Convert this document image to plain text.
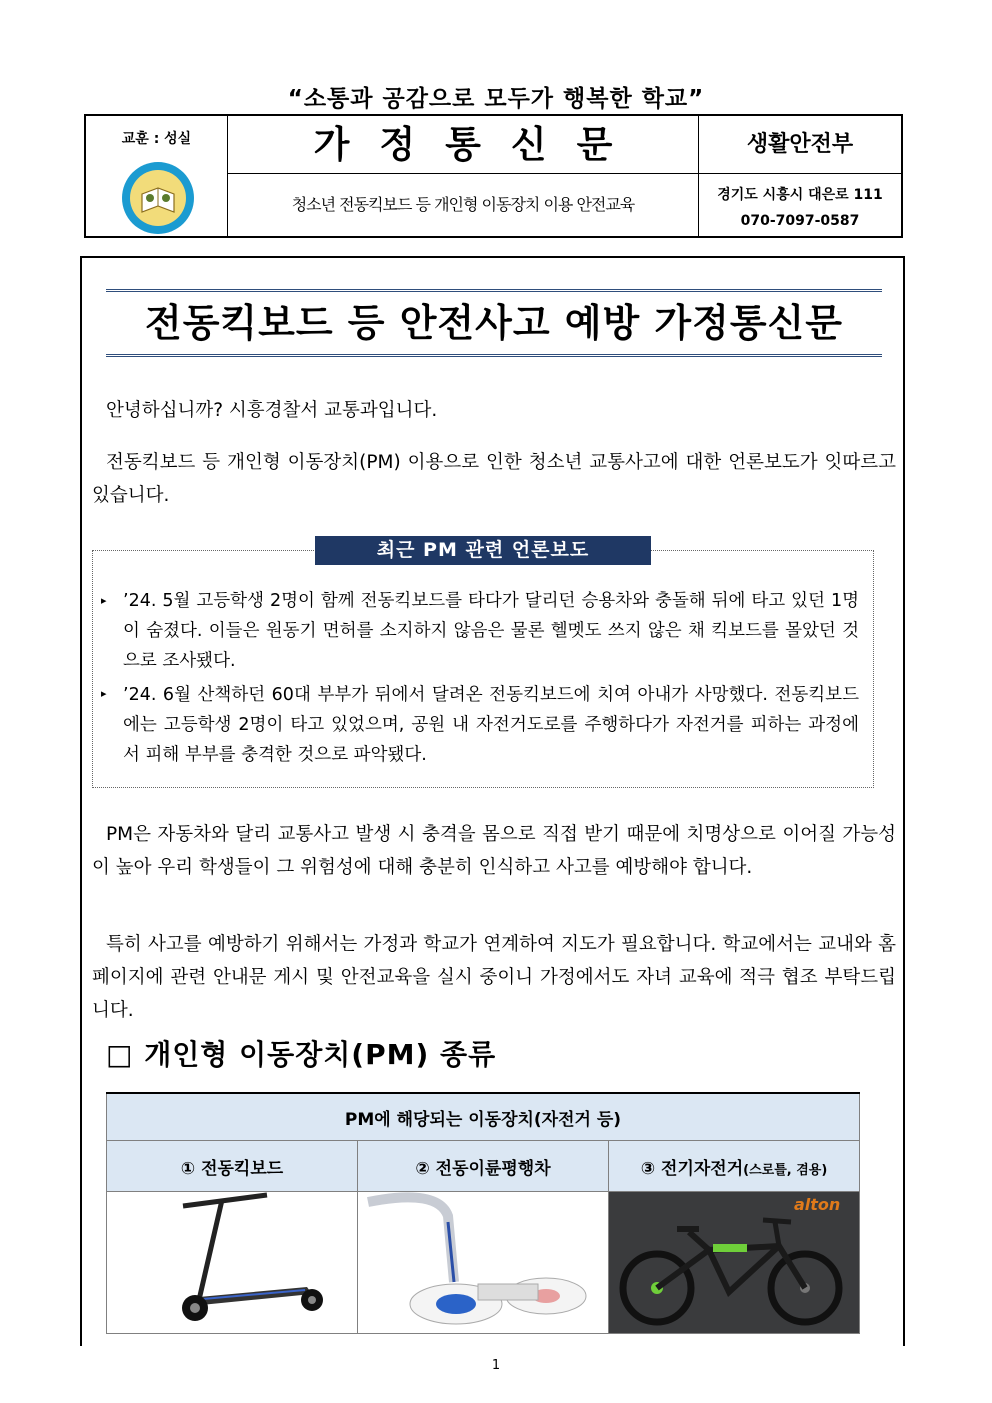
“소통과 공감으로 모두가 행복한 학교”
교훈 : 성실	가정통신문
청소년 전동킥보드 등 개인형 이동장치 이용 안전교육
생활안전부
경기도 시흥시 대은로 111
070-7097-0587
전동킥보드 등 안전사고 예방 가정통신문
안녕하십니까? 시흥경찰서 교통과입니다.
전동킥보드 등 개인형 이동장치(PM) 이용으로 인한 청소년 교통사고에 대한 언론보도가 잇따르고 있습니다.
최근 PM 관련 언론보도
▸ ’24. 5월 고등학생 2명이 함께 전동킥보드를 타다가 달리던 승용차와 충돌해 뒤에 타고 있던 1명이 숨졌다. 이들은 원동기 면허를 소지하지 않음은 물론 헬멧도 쓰지 않은 채 킥보드를 몰았던 것으로 조사됐다.
▸ ’24. 6월 산책하던 60대 부부가 뒤에서 달려온 전동킥보드에 치여 아내가 사망했다. 전동킥보드에는 고등학생 2명이 타고 있었으며, 공원 내 자전거도로를 주행하다가 자전거를 피하는 과정에서 피해 부부를 충격한 것으로 파악됐다.
PM은 자동차와 달리 교통사고 발생 시 충격을 몸으로 직접 받기 때문에 치명상으로 이어질 가능성이 높아 우리 학생들이 그 위험성에 대해 충분히 인식하고 사고를 예방해야 합니다.
특히 사고를 예방하기 위해서는 가정과 학교가 연계하여 지도가 필요합니다. 학교에서는 교내와 홈페이지에 관련 안내문 게시 및 안전교육을 실시 중이니 가정에서도 자녀 교육에 적극 협조 부탁드립니다.
□ 개인형 이동장치(PM) 종류
PM에 해당되는 이동장치(자전거 등)		
① 전동킥보드	② 전동이륜평행차	③ 전기자전거(스로틀, 겸용)

alton
1
